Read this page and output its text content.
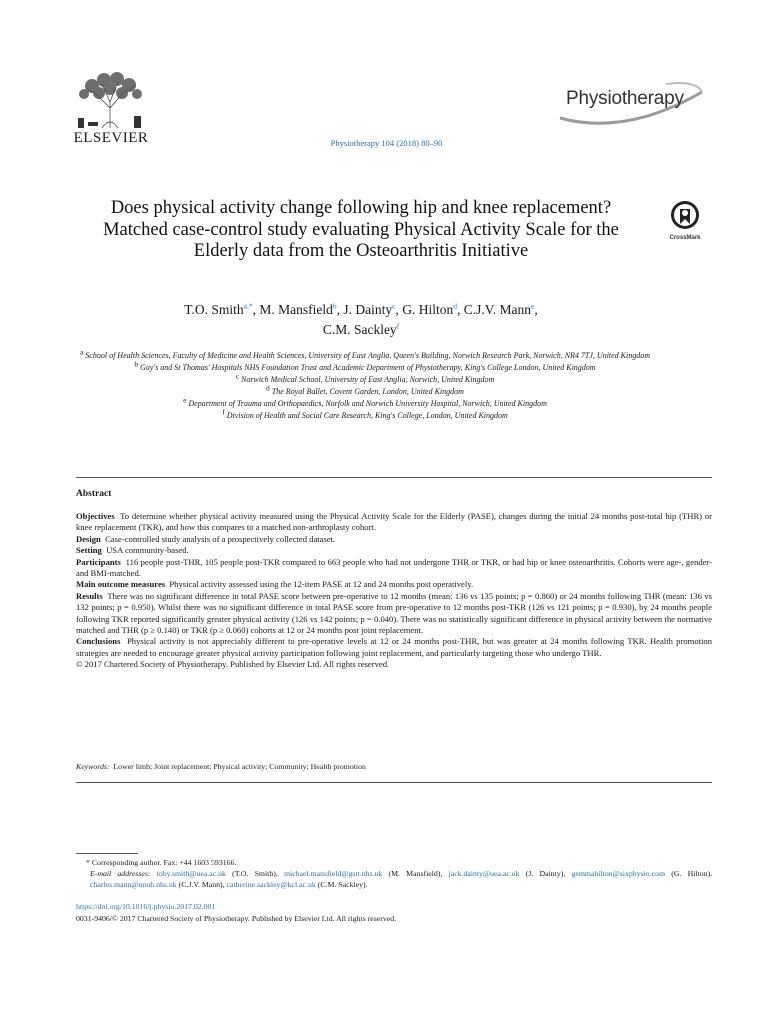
ELSEVIER	Physiotherapy 104 (2018) 80–90
Physiotherapy
CrossMark
Does physical activity change following hip and knee replacement? Matched case-control study evaluating Physical Activity Scale for the Elderly data from the Osteoarthritis Initiative
T.O. Smith$^{a,*}$, M. Mansfield$^b$, J. Dainty$^c$, G. Hilton$^d$, C.J.V. Mann$^e$,
C.M. Sackley$^f$

$^a$ School of Health Sciences, Faculty of Medicine and Health Sciences, University of East Anglia, Queen's Building, Norwich Research Park, Norwich, NR4 7TJ, United Kingdom

$^b$ Guy's and St Thomas' Hospitals NHS Foundation Trust and Academic Department of Physiotherapy, King's College London, United Kingdom

$^c$ Norwich Medical School, University of East Anglia, Norwich, United Kingdom

$^d$ The Royal Ballet, Covent Garden, London, United Kingdom

$^e$ Department of Trauma and Orthopaedics, Norfolk and Norwich University Hospital, Norwich, United Kingdom

$^f$ Division of Health and Social Care Research, King's College, London, United Kingdom

Abstract

Objectives To determine whether physical activity measured using the Physical Activity Scale for the Elderly (PASE), changes during the initial 24 months post-total hip (THR) or knee replacement (TKR), and how this compares to a matched non-arthroplasty cohort.

Design Case-controlled study analysis of a prospectively collected dataset.

Setting USA community-based.

Participants 116 people post-THR, 105 people post-TKR compared to 663 people who had not undergone THR or TKR, or had hip or knee osteoarthritis. Cohorts were age-, gender- and BMI-matched.

Main outcome measures Physical activity assessed using the 12-item PASE at 12 and 24 months post operatively.

Results There was no significant difference in total PASE score between pre-operative to 12 months (mean: 136 vs 135 points; p = 0.860) or 24 months following THR (mean: 136 vs 132 points; p = 0.950). Whilst there was no significant difference in total PASE score from pre-operative to 12 months post-TKR (126 vs 121 points; p = 0.930), by 24 months people following TKR reported significantly greater physical activity (126 vs 142 points; p = 0.040). There was no statistically significant difference in physical activity between the normative matched and THR (p ≥ 0.140) or TKR (p ≥ 0.060) cohorts at 12 or 24 months post joint replacement.

Conclusions Physical activity is not appreciably different to pre-operative levels at 12 or 24 months post-THR, but was greater at 24 months following TKR. Health promotion strategies are needed to encourage greater physical activity participation following joint replacement, and particularly targeting those who undergo THR.

© 2017 Chartered Society of Physiotherapy. Published by Elsevier Ltd. All rights reserved.

Keywords: Lower limb; Joint replacement; Physical activity; Community; Health promotion

* Corresponding author. Fax: +44 1603 593166.

E-mail addresses: toby.smith@uea.ac.uk (T.O. Smith), michael.mansfield@gstt.nhs.uk (M. Mansfield), jack.dainty@uea.ac.uk (J. Dainty), gemmahilton@sixphysio.com (G. Hilton), charles.mann@nnuh.nhs.uk (C.J.V. Mann), catherine.sackley@kcl.ac.uk (C.M. Sackley).

https://doi.org/10.1016/j.physio.2017.02.001
0031-9406/© 2017 Chartered Society of Physiotherapy. Published by Elsevier Ltd. All rights reserved.
